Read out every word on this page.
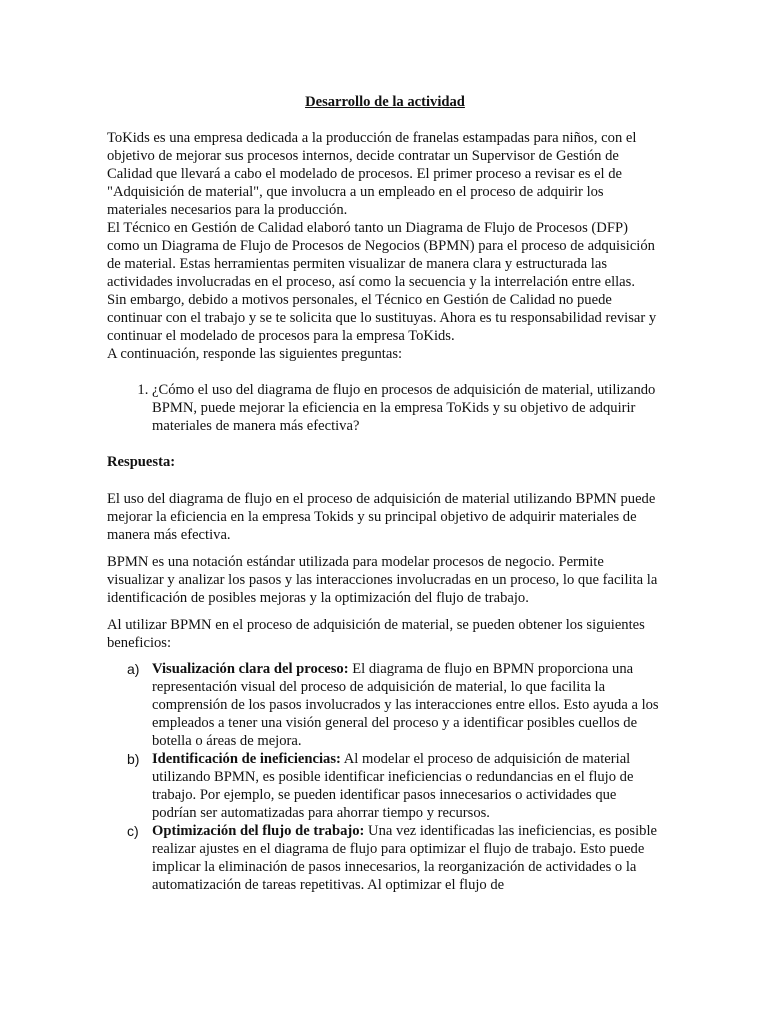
Desarrollo de la actividad

ToKids es una empresa dedicada a la producción de franelas estampadas para niños, con el objetivo de mejorar sus procesos internos, decide contratar un Supervisor de Gestión de Calidad que llevará a cabo el modelado de procesos. El primer proceso a revisar es el de "Adquisición de material", que involucra a un empleado en el proceso de adquirir los materiales necesarios para la producción.

El Técnico en Gestión de Calidad elaboró tanto un Diagrama de Flujo de Procesos (DFP) como un Diagrama de Flujo de Procesos de Negocios (BPMN) para el proceso de adquisición de material. Estas herramientas permiten visualizar de manera clara y estructurada las actividades involucradas en el proceso, así como la secuencia y la interrelación entre ellas.

Sin embargo, debido a motivos personales, el Técnico en Gestión de Calidad no puede continuar con el trabajo y se te solicita que lo sustituyas. Ahora es tu responsabilidad revisar y continuar el modelado de procesos para la empresa ToKids.

A continuación, responde las siguientes preguntas:

1. ¿Cómo el uso del diagrama de flujo en procesos de adquisición de material, utilizando BPMN, puede mejorar la eficiencia en la empresa ToKids y su objetivo de adquirir materiales de manera más efectiva?

Respuesta:

El uso del diagrama de flujo en el proceso de adquisición de material utilizando BPMN puede mejorar la eficiencia en la empresa Tokids y su principal objetivo de adquirir materiales de manera más efectiva.

BPMN es una notación estándar utilizada para modelar procesos de negocio. Permite visualizar y analizar los pasos y las interacciones involucradas en un proceso, lo que facilita la identificación de posibles mejoras y la optimización del flujo de trabajo.

Al utilizar BPMN en el proceso de adquisición de material, se pueden obtener los siguientes beneficios:

a) Visualización clara del proceso: El diagrama de flujo en BPMN proporciona una representación visual del proceso de adquisición de material, lo que facilita la comprensión de los pasos involucrados y las interacciones entre ellos. Esto ayuda a los empleados a tener una visión general del proceso y a identificar posibles cuellos de botella o áreas de mejora.
b) Identificación de ineficiencias: Al modelar el proceso de adquisición de material utilizando BPMN, es posible identificar ineficiencias o redundancias en el flujo de trabajo. Por ejemplo, se pueden identificar pasos innecesarios o actividades que podrían ser automatizadas para ahorrar tiempo y recursos.
c) Optimización del flujo de trabajo: Una vez identificadas las ineficiencias, es posible realizar ajustes en el diagrama de flujo para optimizar el flujo de trabajo. Esto puede implicar la eliminación de pasos innecesarios, la reorganización de actividades o la automatización de tareas repetitivas. Al optimizar el flujo de
